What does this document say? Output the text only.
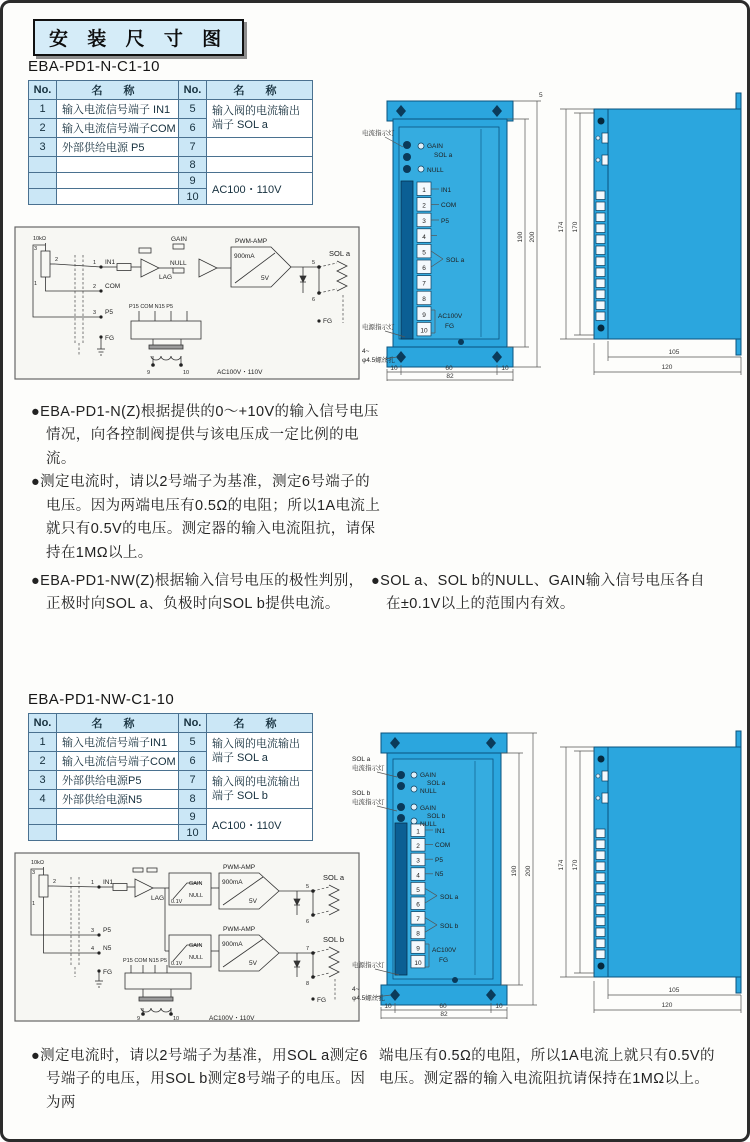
安 装 尺 寸 图
EBA-PD1-N-C1-10
No.	名 称	No.	名 称
1	输入电流信号端子 IN1	5	输入阀的电流输出端子 SOL a
2	输入电流信号端子COM	6	
3	外部供给电源 P5	7	
		8	
		9	AC100・110V
		10	
10kΩ
3
2
1
1 IN1
2 COM
3 P5
FG
LAG
GAIN
NULL
PWM-AMP
900mA
5V
5
6
SOL a
FG
P15 COM N15 P5
9	10	AC100V・110V
1
2
3
4
5
6
7
8
9
10
GAIN
SOL a
NULL
IN1
COM
P5
SOL a
AC100V
FG
电流指示灯
电源指示灯
4~
φ4.5螺丝孔
190 200
5
10	60	10
82
174 170
105
120

●EBA-PD1-N(Z)根据提供的0～+10V的输入信号电压情况，向各控制阀提供与该电压成一定比例的电流。

●测定电流时，请以2号端子为基准，测定6号端子的电压。因为两端电压有0.5Ω的电阻；所以1A电流上就只有0.5V的电压。测定器的输入电流阻抗，请保持在1MΩ以上。

●EBA-PD1-NW(Z)根据输入信号电压的极性判别，正极时向SOL a、负极时向SOL b提供电流。

●SOL a、SOL b的NULL、GAIN输入信号电压各自在±0.1V以上的范围内有效。

EBA-PD1-NW-C1-10
No.	名 称	No.	名 称
1	输入电流信号端子IN1	5	输入阀的电流输出端子 SOL a
2	输入电流信号端子COM	6	
3	外部供给电源P5	7	输入阀的电流输出端子 SOL b
4	外部供给电源N5	8	
		9	AC100・110V
		10	
10kΩ
3
2
1
1 IN1
3 P5
4 N5
FG
LAG
GAIN
NULL
0.1V
GAIN
NULL
0.1V
PWM-AMP
900mA
5V
PWM-AMP
900mA
5V
5
6
SOL a
7
8
SOL b
FG
P15 COM N15 P5
9	10	AC100V・110V
1
2
3
4
5
6
7
8
9
10
GAIN
SOL a
NULL
GAIN
SOL b
NULL
IN1
COM
P5
N5
SOL a
SOL b
AC100V
FG
SOL a
电流指示灯
SOL b
电流指示灯
电源指示灯
4~
φ4.5螺丝孔
190 200
10	60	10
82
174 170
105
120

●测定电流时，请以2号端子为基准，用SOL a测定6号端子的电压，用SOL b测定8号端子的电压。因为两

端电压有0.5Ω的电阻，所以1A电流上就只有0.5V的电压。测定器的输入电流阻抗请保持在1MΩ以上。
